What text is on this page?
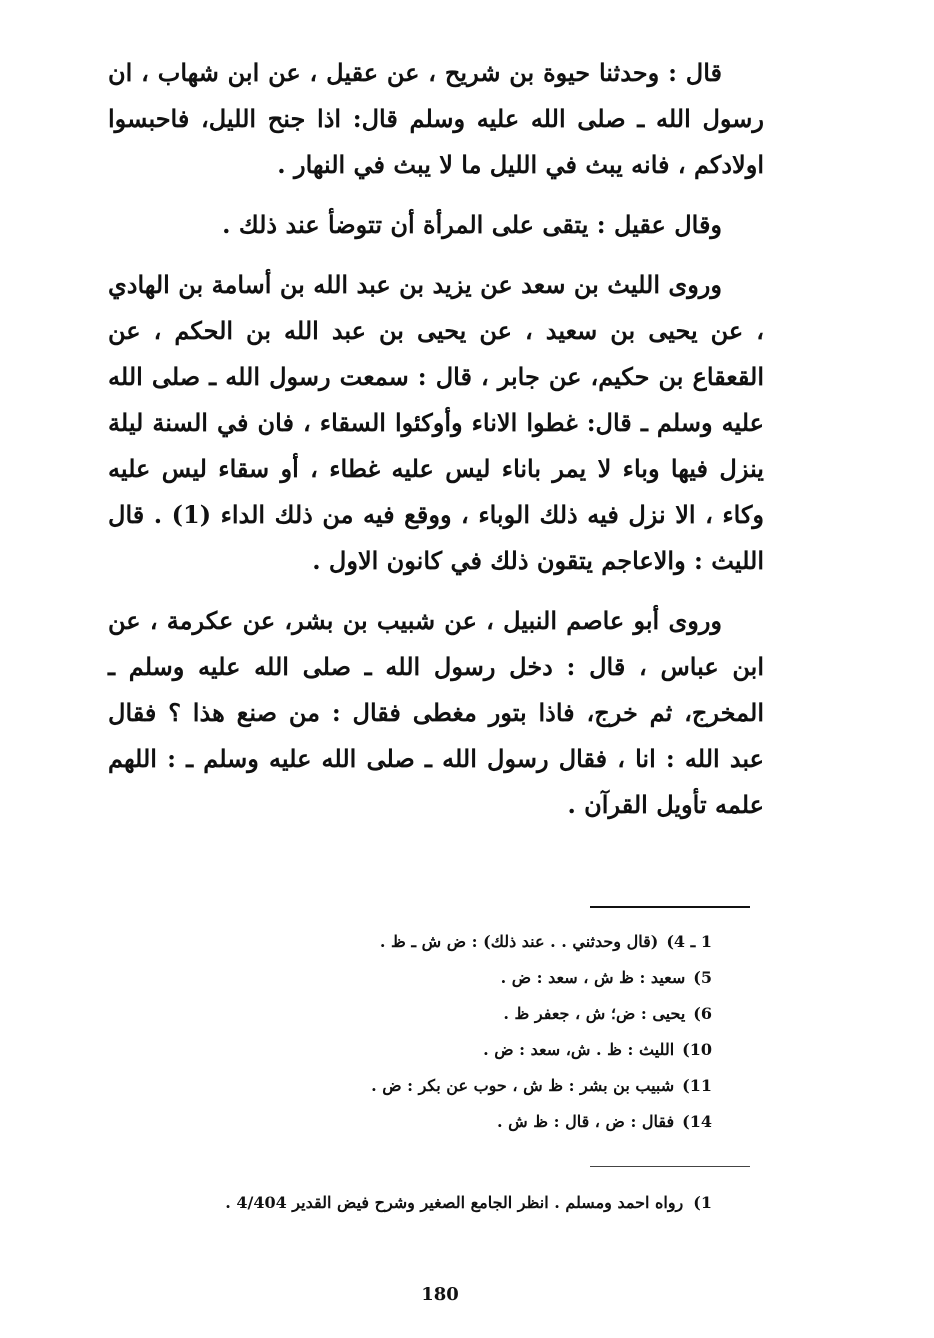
قال : وحدثنا حيوة بن شريح ، عن عقيل ، عن ابن شهاب ، ان رسول الله ـ صلى الله عليه وسلم قال: اذا جنح الليل، فاحبسوا اولادكم ، فانه يبث في الليل ما لا يبث في النهار .

وقال عقيل : يتقى على المرأة أن تتوضأ عند ذلك .

وروى الليث بن سعد عن يزيد بن عبد الله بن أسامة بن الهادي ، عن يحيى بن سعيد ، عن يحيى بن عبد الله بن الحكم ، عن القعقاع بن حكيم، عن جابر ، قال : سمعت رسول الله ـ صلى الله عليه وسلم ـ قال: غطوا الاناء وأوكئوا السقاء ، فان في السنة ليلة ينزل فيها وباء لا يمر باناء ليس عليه غطاء ، أو سقاء ليس عليه وكاء ، الا نزل فيه ذلك الوباء ، ووقع فيه من ذلك الداء (1) . قال الليث : والاعاجم يتقون ذلك في كانون الاول .

وروى أبو عاصم النبيل ، عن شبيب بن بشر، عن عكرمة ، عن ابن عباس ، قال : دخل رسول الله ـ صلى الله عليه وسلم ـ المخرج، ثم خرج، فاذا بتور مغطى فقال : من صنع هذا ؟ فقال عبد الله : انا ، فقال رسول الله ـ صلى الله عليه وسلم ـ : اللهم علمه تأويل القرآن .

1 ـ 4)
(قال وحدثني . . عند ذلك) : ض ش ـ ظ .
5)
سعيد : ظ ش ، سعد : ض .
6)
يحيى : ض؛ ش ، جعفر ظ .
10)
الليث : ظ . ش، سعد : ض .
11)
شبيب بن بشر : ظ ش ، حوب عن بكر : ض .
14)
فقال : ض ، قال : ظ ش .
1)
رواه احمد ومسلم . انظر الجامع الصغير وشرح فيض القدير 4/404 .
180
